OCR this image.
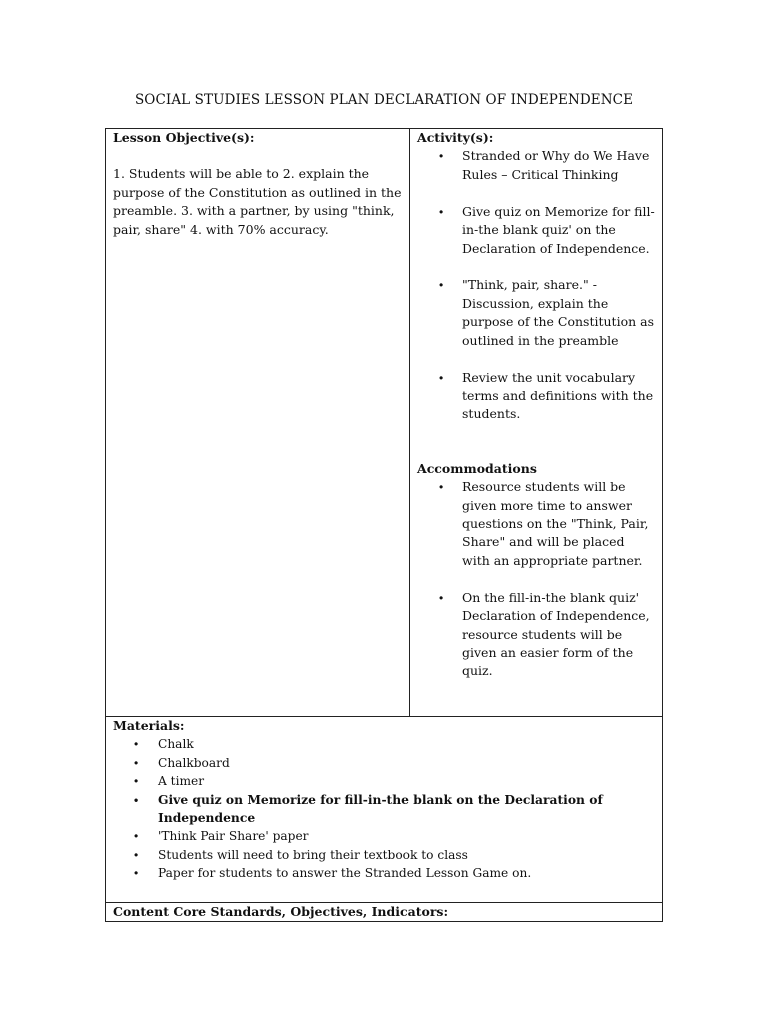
SOCIAL STUDIES LESSON PLAN DECLARATION OF INDEPENDENCE
Lesson Objective(s):
1. Students will be able to 2. explain the purpose of the Constitution as outlined in the preamble. 3. with a partner, by using "think, pair, share" 4. with 70% accuracy.

Activity(s):
• Stranded or Why do We Have Rules – Critical Thinking
• Give quiz on Memorize for fill-in-the blank quiz' on the Declaration of Independence.
• "Think, pair, share." - Discussion, explain the purpose of the Constitution as outlined in the preamble
• Review the unit vocabulary terms and definitions with the students.
Accommodations
• Resource students will be given more time to answer questions on the "Think, Pair, Share" and will be placed with an appropriate partner.
• On the fill-in-the blank quiz' Declaration of Independence, resource students will be given an easier form of the quiz.

Materials:
• Chalk
• Chalkboard
• A timer
• Give quiz on Memorize for fill-in-the blank on the Declaration of Independence
• 'Think Pair Share' paper
• Students will need to bring their textbook to class
• Paper for students to answer the Stranded Lesson Game on.

Content Core Standards, Objectives, Indicators:
